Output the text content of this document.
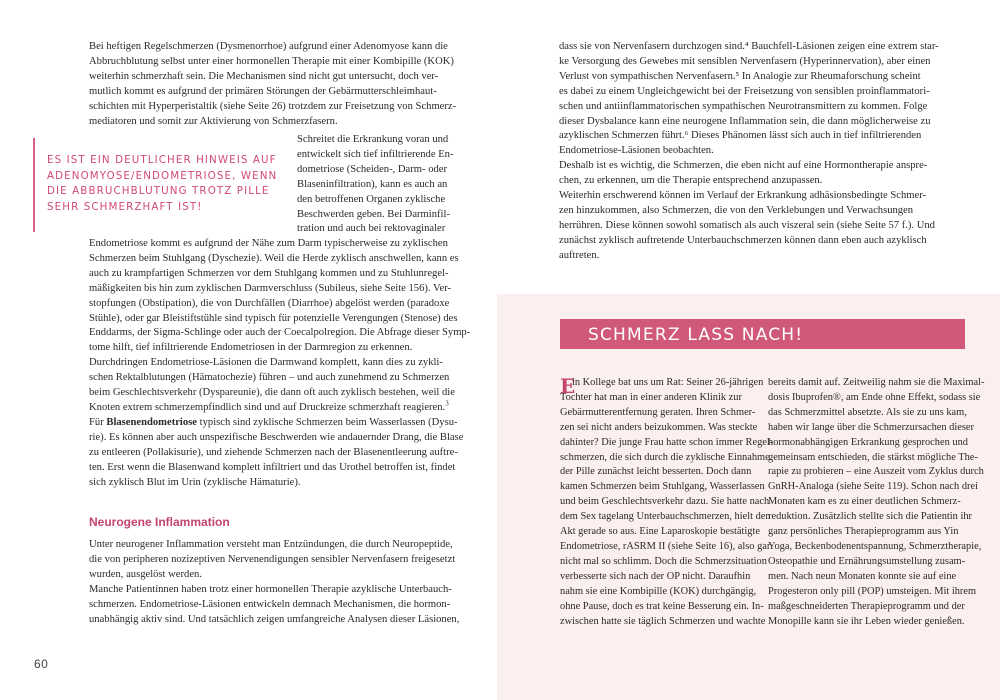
Bei heftigen Regelschmerzen (Dysmenorrhoe) aufgrund einer Adenomyose kann die
Abbruchblutung selbst unter einer hormonellen Therapie mit einer Kombipille (KOK)
weiterhin schmerzhaft sein. Die Mechanismen sind nicht gut untersucht, doch ver-
mutlich kommt es aufgrund der primären Störungen der Gebärmutterschleimhaut-
schichten mit Hyperperistaltik (siehe Seite 26) trotzdem zur Freisetzung von Schmerz-
mediatoren und somit zur Aktivierung von Schmerzfasern.
ES IST EIN DEUTLICHER HINWEIS AUF
ADENOMYOSE/ENDOMETRIOSE, WENN
DIE ABBRUCHBLUTUNG TROTZ PILLE
SEHR SCHMERZHAFT IST!
Schreitet die Erkrankung voran und
entwickelt sich tief infiltrierende En-
dometriose (Scheiden-, Darm- oder
Blaseninfiltration), kann es auch an
den betroffenen Organen zyklische
Beschwerden geben. Bei Darminfil-
tration und auch bei rektovaginaler
Endometriose kommt es aufgrund der Nähe zum Darm typischerweise zu zyklischen
Schmerzen beim Stuhlgang (Dyschezie). Weil die Herde zyklisch anschwellen, kann es
auch zu krampfartigen Schmerzen vor dem Stuhlgang kommen und zu Stuhlunregel-
mäßigkeiten bis hin zum zyklischen Darmverschluss (Subileus, siehe Seite 156). Ver-
stopfungen (Obstipation), die von Durchfällen (Diarrhoe) abgelöst werden (paradoxe
Stühle), oder gar Bleistiftstühle sind typisch für potenzielle Verengungen (Stenose) des
Enddarms, der Sigma-Schlinge oder auch der Coecalpolregion. Die Abfrage dieser Symp-
tome hilft, tief infiltrierende Endometriosen in der Darmregion zu erkennen.
Durchdringen Endometriose-Läsionen die Darmwand komplett, kann dies zu zykli-
schen Rektalblutungen (Hämatochezie) führen – und auch zunehmend zu Schmerzen
beim Geschlechtsverkehr (Dyspareunie), die dann oft auch zyklisch bestehen, weil die
Knoten extrem schmerzempfindlich sind und auf Druckreize schmerzhaft reagieren.$^3$
Für Blasenendometriose typisch sind zyklische Schmerzen beim Wasserlassen (Dysu-
rie). Es können aber auch unspezifische Beschwerden wie andauernder Drang, die Blase
zu entleeren (Pollakisurie), und ziehende Schmerzen nach der Blasenentleerung auftre-
ten. Erst wenn die Blasenwand komplett infiltriert und das Urothel betroffen ist, findet
sich zyklisch Blut im Urin (zyklische Hämaturie).
Neurogene Inflammation
Unter neurogener Inflammation versteht man Entzündungen, die durch Neuropeptide,
die von peripheren nozizeptiven Nervenendigungen sensibler Nervenfasern freigesetzt
wurden, ausgelöst werden.
Manche Patientinnen haben trotz einer hormonellen Therapie azyklische Unterbauch-
schmerzen. Endometriose-Läsionen entwickeln demnach Mechanismen, die hormon-
unabhängig aktiv sind. Und tatsächlich zeigen umfangreiche Analysen dieser Läsionen,
60
dass sie von Nervenfasern durchzogen sind.⁴ Bauchfell-Läsionen zeigen eine extrem star-
ke Versorgung des Gewebes mit sensiblen Nervenfasern (Hyperinnervation), aber einen
Verlust von sympathischen Nervenfasern.⁵ In Analogie zur Rheumaforschung scheint
es dabei zu einem Ungleichgewicht bei der Freisetzung von sensiblen proinflammatori-
schen und antiinflammatorischen sympathischen Neurotransmittern zu kommen. Folge
dieser Dysbalance kann eine neurogene Inflammation sein, die dann möglicherweise zu
azyklischen Schmerzen führt.⁶ Dieses Phänomen lässt sich auch in tief infiltrierenden
Endometriose-Läsionen beobachten.
Deshalb ist es wichtig, die Schmerzen, die eben nicht auf eine Hormontherapie anspre-
chen, zu erkennen, um die Therapie entsprechend anzupassen.
Weiterhin erschwerend können im Verlauf der Erkrankung adhäsionsbedingte Schmer-
zen hinzukommen, also Schmerzen, die von den Verklebungen und Verwachsungen
herrühren. Diese können sowohl somatisch als auch viszeral sein (siehe Seite 57 f.). Und
zunächst zyklisch auftretende Unterbauchschmerzen können dann eben auch azyklisch
auftreten.
SCHMERZ LASS NACH!
E
in Kollege bat uns um Rat: Seiner 26-jährigen
Tochter hat man in einer anderen Klinik zur
Gebärmutterentfernung geraten. Ihren Schmer-
zen sei nicht anders beizukommen. Was steckte
dahinter? Die junge Frau hatte schon immer Regel-
schmerzen, die sich durch die zyklische Einnahme
der Pille zunächst leicht besserten. Doch dann
kamen Schmerzen beim Stuhlgang, Wasserlassen
und beim Geschlechtsverkehr dazu. Sie hatte nach
dem Sex tagelang Unterbauchschmerzen, hielt den
Akt gerade so aus. Eine Laparoskopie bestätigte
Endometriose, rASRM II (siehe Seite 16), also gar
nicht mal so schlimm. Doch die Schmerzsituation
verbesserte sich nach der OP nicht. Daraufhin
nahm sie eine Kombipille (KOK) durchgängig,
ohne Pause, doch es trat keine Besserung ein. In-
zwischen hatte sie täglich Schmerzen und wachte
bereits damit auf. Zeitweilig nahm sie die Maximal-
dosis Ibuprofen®, am Ende ohne Effekt, sodass sie
das Schmerzmittel absetzte. Als sie zu uns kam,
haben wir lange über die Schmerzursachen dieser
hormonabhängigen Erkrankung gesprochen und
gemeinsam entschieden, die stärkst mögliche The-
rapie zu probieren – eine Auszeit vom Zyklus durch
GnRH-Analoga (siehe Seite 119). Schon nach drei
Monaten kam es zu einer deutlichen Schmerz-
reduktion. Zusätzlich stellte sich die Patientin ihr
ganz persönliches Therapieprogramm aus Yin
Yoga, Beckenbodenentspannung, Schmerztherapie,
Osteopathie und Ernährungsumstellung zusam-
men. Nach neun Monaten konnte sie auf eine
Progesteron only pill (POP) umsteigen. Mit ihrem
maßgeschneiderten Therapieprogramm und der
Monopille kann sie ihr Leben wieder genießen.
